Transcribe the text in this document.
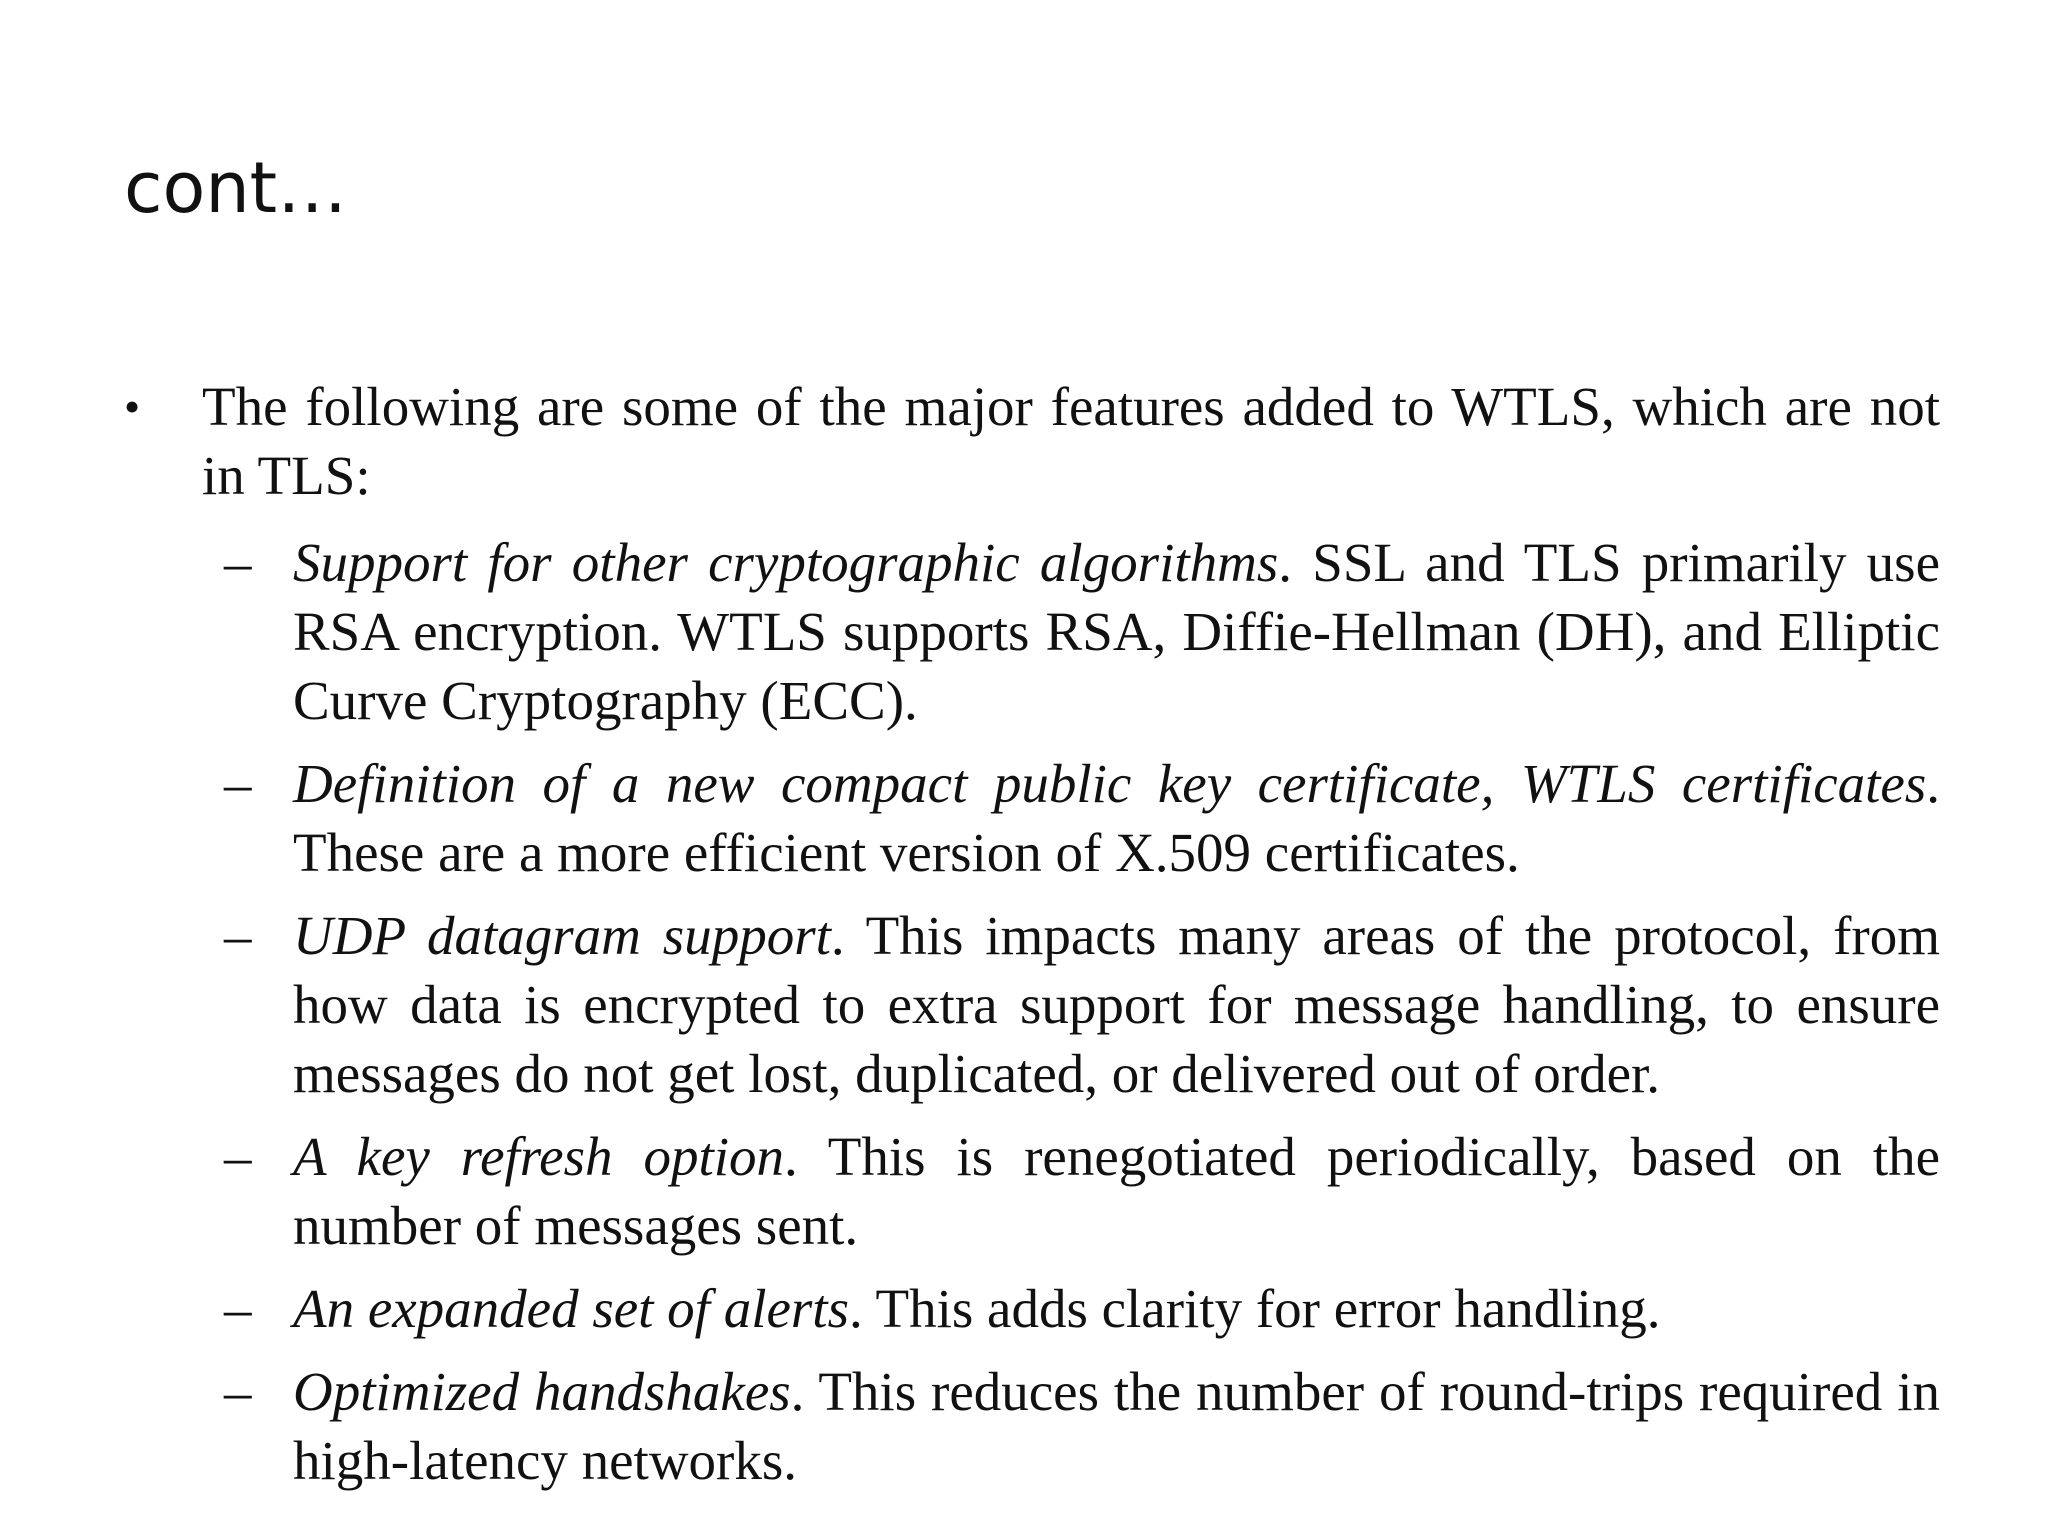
cont…
• The following are some of the major features added to WTLS, which are not in TLS:
– Support for other cryptographic algorithms. SSL and TLS primarily use RSA encryption. WTLS supports RSA, Diffie-Hellman (DH), and Elliptic Curve Cryptography (ECC).
– Definition of a new compact public key certificate, WTLS certificates. These are a more efficient version of X.509 certificates.
– UDP datagram support. This impacts many areas of the protocol, from how data is encrypted to extra support for message handling, to ensure messages do not get lost, duplicated, or delivered out of order.
– A key refresh option. This is renegotiated periodically, based on the number of messages sent.
– An expanded set of alerts. This adds clarity for error handling.
– Optimized handshakes. This reduces the number of round-trips required in high-latency networks.
